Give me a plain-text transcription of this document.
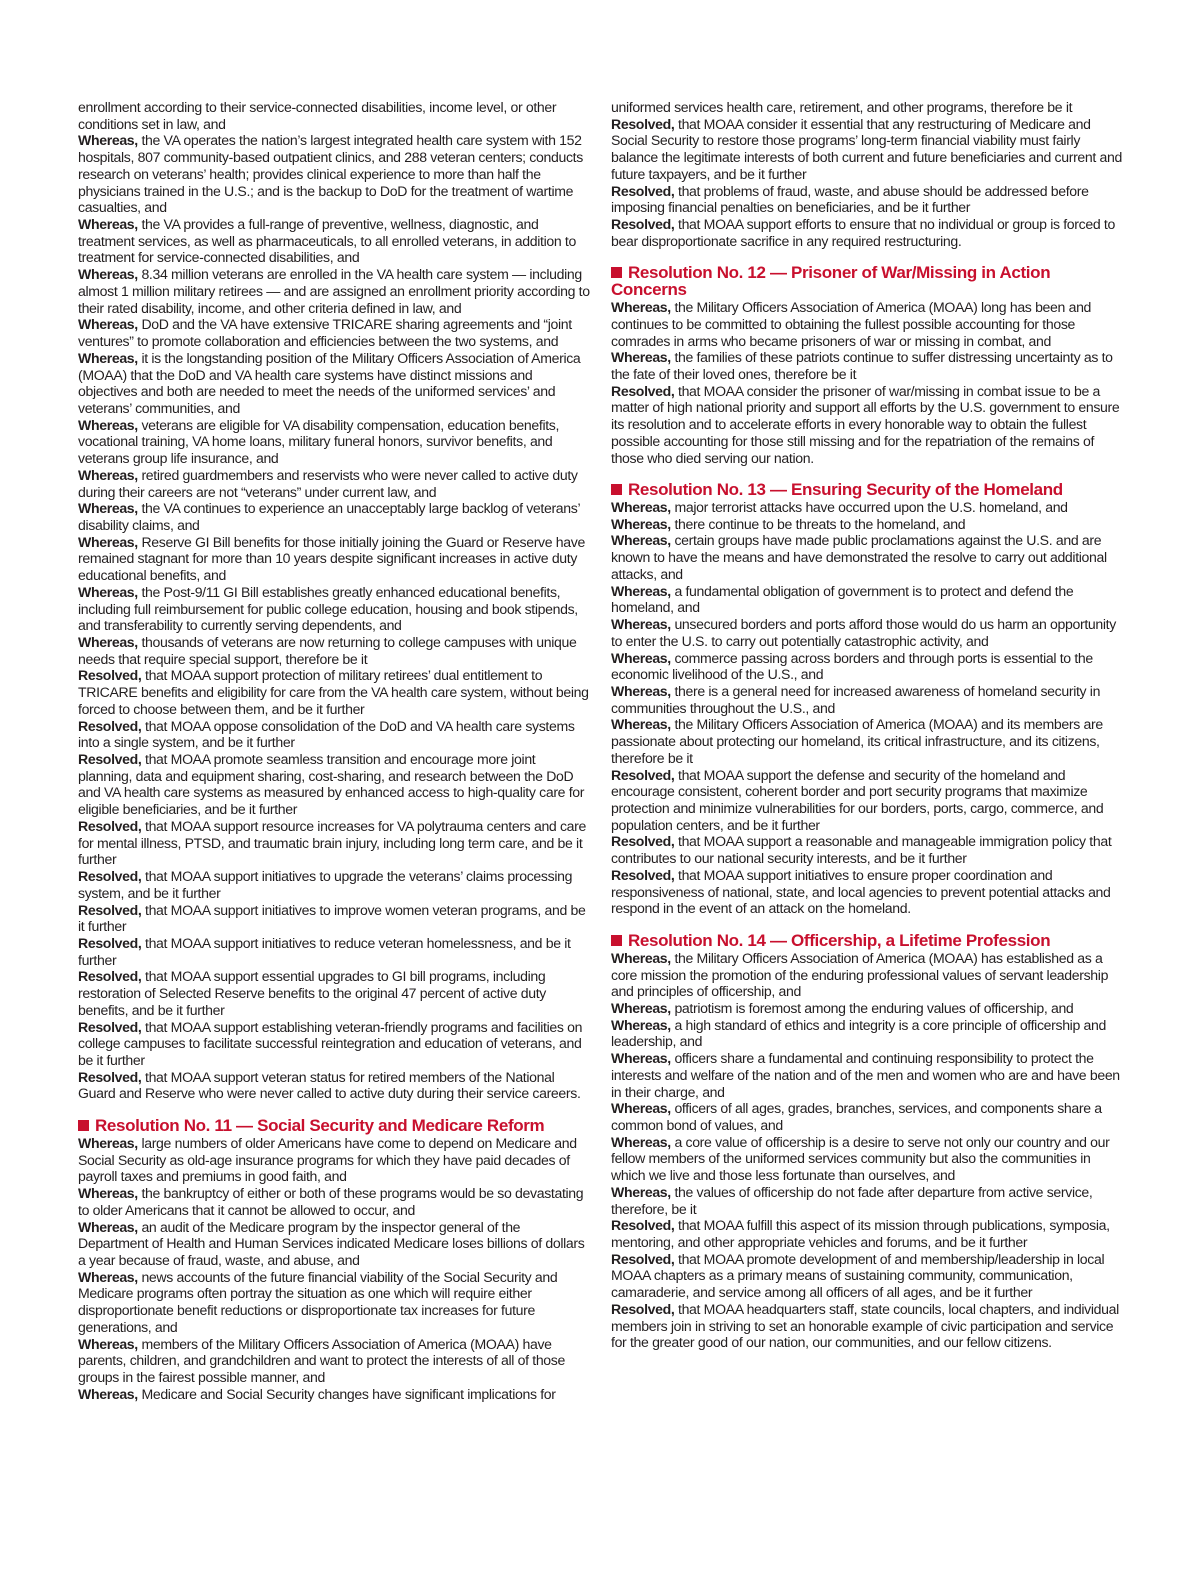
enrollment according to their service-connected disabilities, income level, or other conditions set in law, and

Whereas, the VA operates the nation’s largest integrated health care system with 152 hospitals, 807 community-based outpatient clinics, and 288 veteran centers; conducts research on veterans’ health; provides clinical experience to more than half the physicians trained in the U.S.; and is the backup to DoD for the treatment of wartime casualties, and

Whereas, the VA provides a full-range of preventive, wellness, diagnostic, and treatment services, as well as pharmaceuticals, to all enrolled veterans, in addition to treatment for service-connected disabilities, and

Whereas, 8.34 million veterans are enrolled in the VA health care system — including almost 1 million military retirees — and are assigned an enrollment priority according to their rated disability, income, and other criteria defined in law, and

Whereas, DoD and the VA have extensive TRICARE sharing agreements and “joint ventures” to promote collaboration and efficiencies between the two systems, and

Whereas, it is the longstanding position of the Military Officers Association of America (MOAA) that the DoD and VA health care systems have distinct missions and objectives and both are needed to meet the needs of the uniformed services’ and veterans’ communities, and

Whereas, veterans are eligible for VA disability compensation, education benefits, vocational training, VA home loans, military funeral honors, survivor benefits, and veterans group life insurance, and

Whereas, retired guardmembers and reservists who were never called to active duty during their careers are not “veterans” under current law, and

Whereas, the VA continues to experience an unacceptably large backlog of veterans’ disability claims, and

Whereas, Reserve GI Bill benefits for those initially joining the Guard or Reserve have remained stagnant for more than 10 years despite significant increases in active duty educational benefits, and

Whereas, the Post-9/11 GI Bill establishes greatly enhanced educational benefits, including full reimbursement for public college education, housing and book stipends, and transferability to currently serving dependents, and

Whereas, thousands of veterans are now returning to college campuses with unique needs that require special support, therefore be it

Resolved, that MOAA support protection of military retirees’ dual entitlement to TRICARE benefits and eligibility for care from the VA health care system, without being forced to choose between them, and be it further

Resolved, that MOAA oppose consolidation of the DoD and VA health care systems into a single system, and be it further

Resolved, that MOAA promote seamless transition and encourage more joint planning, data and equipment sharing, cost-sharing, and research between the DoD and VA health care systems as measured by enhanced access to high-quality care for eligible beneficiaries, and be it further

Resolved, that MOAA support resource increases for VA polytrauma centers and care for mental illness, PTSD, and traumatic brain injury, including long term care, and be it further

Resolved, that MOAA support initiatives to upgrade the veterans’ claims processing system, and be it further

Resolved, that MOAA support initiatives to improve women veteran programs, and be it further

Resolved, that MOAA support initiatives to reduce veteran homelessness, and be it further

Resolved, that MOAA support essential upgrades to GI bill programs, including restoration of Selected Reserve benefits to the original 47 percent of active duty benefits, and be it further

Resolved, that MOAA support establishing veteran-friendly programs and facilities on college campuses to facilitate successful reintegration and education of veterans, and be it further

Resolved, that MOAA support veteran status for retired members of the National Guard and Reserve who were never called to active duty during their service careers.

Resolution No. 11 — Social Security and Medicare Reform

Whereas, large numbers of older Americans have come to depend on Medicare and Social Security as old-age insurance programs for which they have paid decades of payroll taxes and premiums in good faith, and

Whereas, the bankruptcy of either or both of these programs would be so devastating to older Americans that it cannot be allowed to occur, and

Whereas, an audit of the Medicare program by the inspector general of the Department of Health and Human Services indicated Medicare loses billions of dollars a year because of fraud, waste, and abuse, and

Whereas, news accounts of the future financial viability of the Social Security and Medicare programs often portray the situation as one which will require either disproportionate benefit reductions or disproportionate tax increases for future generations, and

Whereas, members of the Military Officers Association of America (MOAA) have parents, children, and grandchildren and want to protect the interests of all of those groups in the fairest possible manner, and

Whereas, Medicare and Social Security changes have significant implications for

uniformed services health care, retirement, and other programs, therefore be it

Resolved, that MOAA consider it essential that any restructuring of Medicare and Social Security to restore those programs’ long-term financial viability must fairly balance the legitimate interests of both current and future beneficiaries and current and future taxpayers, and be it further

Resolved, that problems of fraud, waste, and abuse should be addressed before imposing financial penalties on beneficiaries, and be it further

Resolved, that MOAA support efforts to ensure that no individual or group is forced to bear disproportionate sacrifice in any required restructuring.

Resolution No. 12 — Prisoner of War/Missing in Action Concerns

Whereas, the Military Officers Association of America (MOAA) long has been and continues to be committed to obtaining the fullest possible accounting for those comrades in arms who became prisoners of war or missing in combat, and

Whereas, the families of these patriots continue to suffer distressing uncertainty as to the fate of their loved ones, therefore be it

Resolved, that MOAA consider the prisoner of war/missing in combat issue to be a matter of high national priority and support all efforts by the U.S. government to ensure its resolution and to accelerate efforts in every honorable way to obtain the fullest possible accounting for those still missing and for the repatriation of the remains of those who died serving our nation.

Resolution No. 13 — Ensuring Security of the Homeland

Whereas, major terrorist attacks have occurred upon the U.S. homeland, and

Whereas, there continue to be threats to the homeland, and

Whereas, certain groups have made public proclamations against the U.S. and are known to have the means and have demonstrated the resolve to carry out additional attacks, and

Whereas, a fundamental obligation of government is to protect and defend the homeland, and

Whereas, unsecured borders and ports afford those would do us harm an opportunity to enter the U.S. to carry out potentially catastrophic activity, and

Whereas, commerce passing across borders and through ports is essential to the economic livelihood of the U.S., and

Whereas, there is a general need for increased awareness of homeland security in communities throughout the U.S., and

Whereas, the Military Officers Association of America (MOAA) and its members are passionate about protecting our homeland, its critical infrastructure, and its citizens, therefore be it

Resolved, that MOAA support the defense and security of the homeland and encourage consistent, coherent border and port security programs that maximize protection and minimize vulnerabilities for our borders, ports, cargo, commerce, and population centers, and be it further

Resolved, that MOAA support a reasonable and manageable immigration policy that contributes to our national security interests, and be it further

Resolved, that MOAA support initiatives to ensure proper coordination and responsiveness of national, state, and local agencies to prevent potential attacks and respond in the event of an attack on the homeland.

Resolution No. 14 — Officership, a Lifetime Profession

Whereas, the Military Officers Association of America (MOAA) has established as a core mission the promotion of the enduring professional values of servant leadership and principles of officership, and

Whereas, patriotism is foremost among the enduring values of officership, and

Whereas, a high standard of ethics and integrity is a core principle of officership and leadership, and

Whereas, officers share a fundamental and continuing responsibility to protect the interests and welfare of the nation and of the men and women who are and have been in their charge, and

Whereas, officers of all ages, grades, branches, services, and components share a common bond of values, and

Whereas, a core value of officership is a desire to serve not only our country and our fellow members of the uniformed services community but also the communities in which we live and those less fortunate than ourselves, and

Whereas, the values of officership do not fade after departure from active service, therefore, be it

Resolved, that MOAA fulfill this aspect of its mission through publications, symposia, mentoring, and other appropriate vehicles and forums, and be it further

Resolved, that MOAA promote development of and membership/leadership in local MOAA chapters as a primary means of sustaining community, communication, camaraderie, and service among all officers of all ages, and be it further

Resolved, that MOAA headquarters staff, state councils, local chapters, and individual members join in striving to set an honorable example of civic participation and service for the greater good of our nation, our communities, and our fellow citizens.
